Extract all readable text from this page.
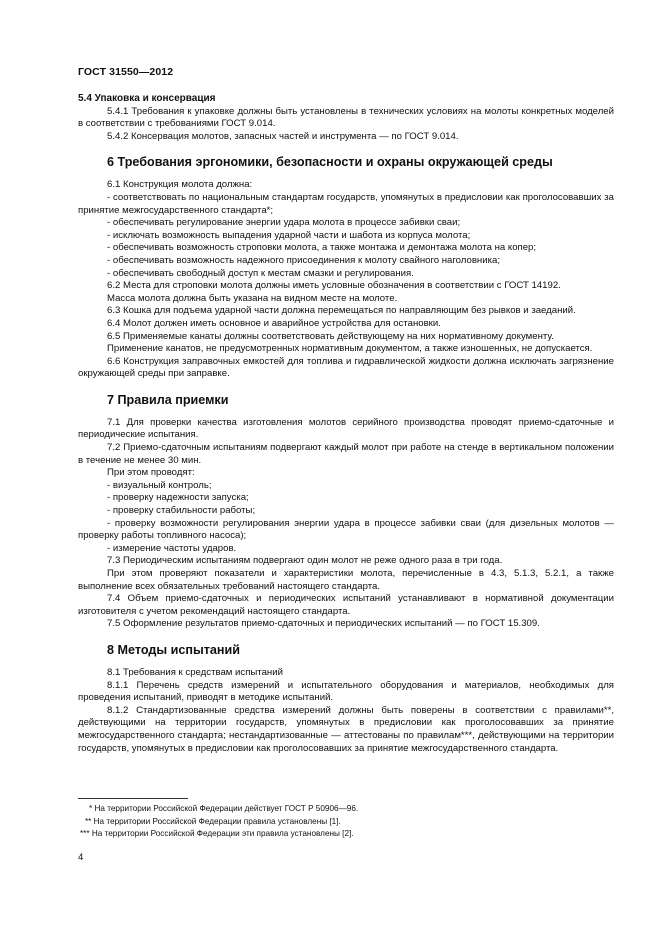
ГОСТ 31550—2012

5.4 Упаковка и консервация

5.4.1 Требования к упаковке должны быть установлены в технических условиях на молоты конкретных моделей в соответствии с требованиями ГОСТ 9.014.

5.4.2 Консервация молотов, запасных частей и инструмента — по ГОСТ 9.014.

6 Требования эргономики, безопасности и охраны окружающей среды

6.1 Конструкция молота должна:

- соответствовать по национальным стандартам государств, упомянутых в предисловии как проголосовавших за принятие межгосударственного стандарта*;

- обеспечивать регулирование энергии удара молота в процессе забивки сваи;

- исключать возможность выпадения ударной части и шабота из корпуса молота;

- обеспечивать возможность строповки молота, а также монтажа и демонтажа молота на копер;

- обеспечивать возможность надежного присоединения к молоту свайного наголовника;

- обеспечивать свободный доступ к местам смазки и регулирования.

6.2 Места для строповки молота должны иметь условные обозначения в соответствии с ГОСТ 14192.

Масса молота должна быть указана на видном месте на молоте.

6.3 Кошка для подъема ударной части должна перемещаться по направляющим без рывков и заеданий.

6.4 Молот должен иметь основное и аварийное устройства для остановки.

6.5 Применяемые канаты должны соответствовать действующему на них нормативному документу.

Применение канатов, не предусмотренных нормативным документом, а также изношенных, не допускается.

6.6 Конструкция заправочных емкостей для топлива и гидравлической жидкости должна исключать загрязнение окружающей среды при заправке.

7 Правила приемки

7.1 Для проверки качества изготовления молотов серийного производства проводят приемо-сдаточные и периодические испытания.

7.2 Приемо-сдаточным испытаниям подвергают каждый молот при работе на стенде в вертикальном положении в течение не менее 30 мин.

При этом проводят:

- визуальный контроль;

- проверку надежности запуска;

- проверку стабильности работы;

- проверку возможности регулирования энергии удара в процессе забивки сваи (для дизельных молотов — проверку работы топливного насоса);

- измерение частоты ударов.

7.3 Периодическим испытаниям подвергают один молот не реже одного раза в три года.

При этом проверяют показатели и характеристики молота, перечисленные в 4.3, 5.1.3, 5.2.1, а также выполнение всех обязательных требований настоящего стандарта.

7.4 Объем приемо-сдаточных и периодических испытаний устанавливают в нормативной документации изготовителя с учетом рекомендаций настоящего стандарта.

7.5 Оформление результатов приемо-сдаточных и периодических испытаний — по ГОСТ 15.309.

8 Методы испытаний

8.1 Требования к средствам испытаний

8.1.1 Перечень средств измерений и испытательного оборудования и материалов, необходимых для проведения испытаний, приводят в методике испытаний.

8.1.2 Стандартизованные средства измерений должны быть поверены в соответствии с правилами**, действующими на территории государств, упомянутых в предисловии как проголосовавших за принятие межгосударственного стандарта; нестандартизованные — аттестованы по правилам***, действующими на территории государств, упомянутых в предисловии как проголосовавших за принятие межгосударственного стандарта.

* На территории Российской Федерации действует ГОСТ Р 50906—96.

** На территории Российской Федерации правила установлены [1].

*** На территории Российской Федерации эти правила установлены [2].

4
